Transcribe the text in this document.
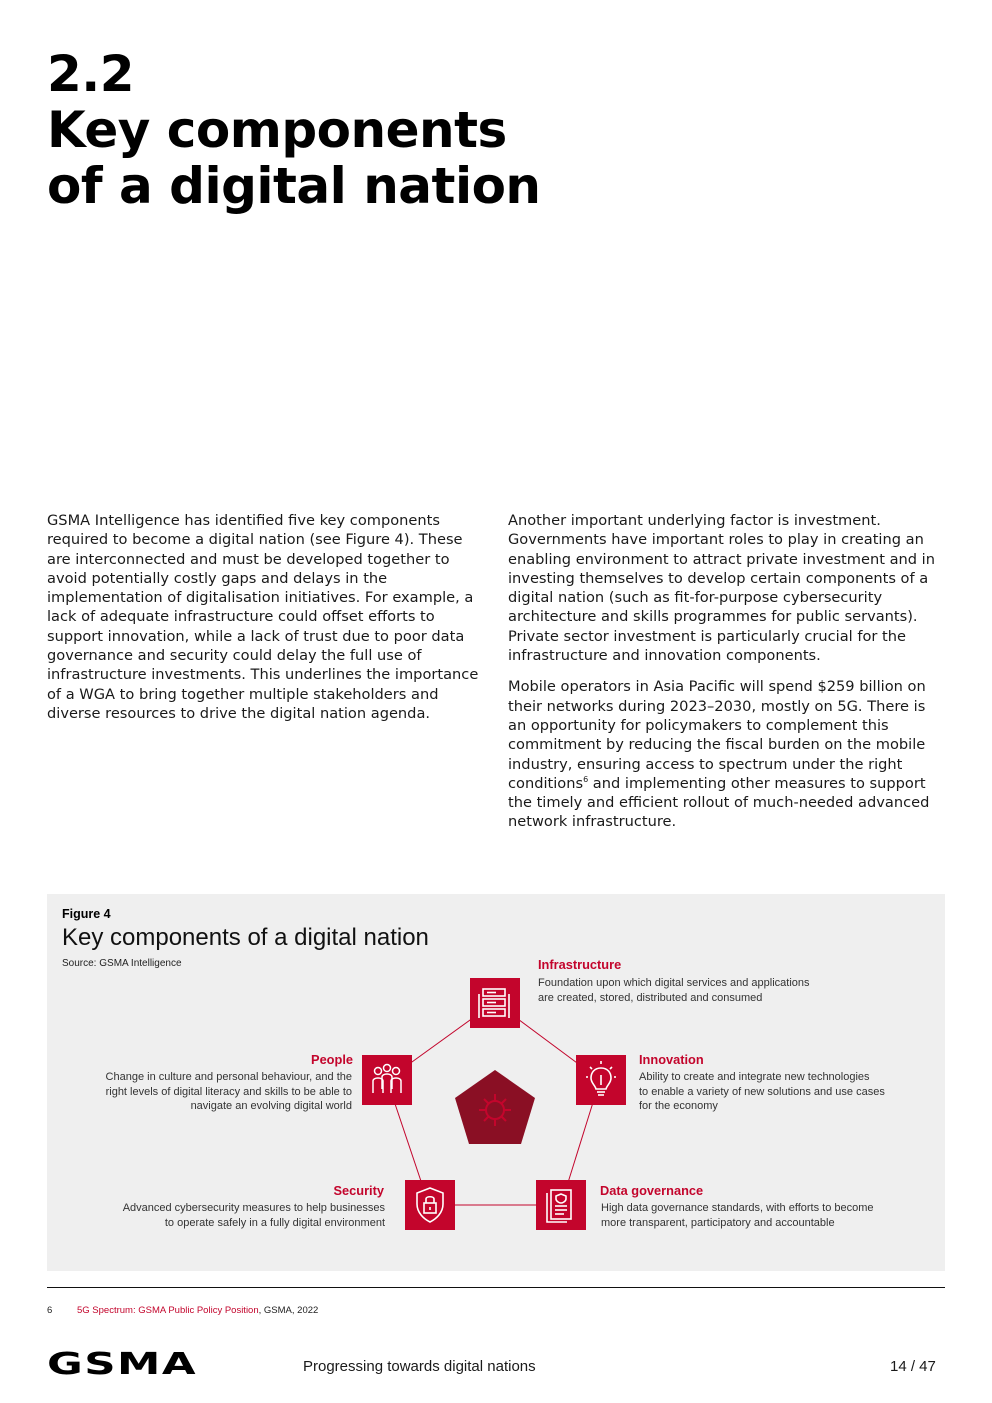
2.2
Key components
of a digital nation

GSMA Intelligence has identified five key components required to become a digital nation (see Figure 4). These are interconnected and must be developed together to avoid potentially costly gaps and delays in the implementation of digitalisation initiatives. For example, a lack of adequate infrastructure could offset efforts to support innovation, while a lack of trust due to poor data governance and security could delay the full use of infrastructure investments. This underlines the importance of a WGA to bring together multiple stakeholders and diverse resources to drive the digital nation agenda.

Another important underlying factor is investment. Governments have important roles to play in creating an enabling environment to attract private investment and in investing themselves to develop certain components of a digital nation (such as fit-for-purpose cybersecurity architecture and skills programmes for public servants). Private sector investment is particularly crucial for the infrastructure and innovation components.

Mobile operators in Asia Pacific will spend $259 billion on their networks during 2023–2030, mostly on 5G. There is an opportunity for policymakers to complement this commitment by reducing the fiscal burden on the mobile industry, ensuring access to spectrum under the right conditions$^6$ and implementing other measures to support the timely and efficient rollout of much-needed advanced network infrastructure.

Figure 4
Key components of a digital nation
Source: GSMA Intelligence	Infrastructure
Foundation upon which digital services and applications
are created, stored, distributed and consumed
Innovation
Ability to create and integrate new technologies
to enable a variety of new solutions and use cases
for the economy
Data governance
High data governance standards, with efforts to become
more transparent, participatory and accountable
Security
Advanced cybersecurity measures to help businesses
to operate safely in a fully digital environment
People
Change in culture and personal behaviour, and the
right levels of digital literacy and skills to be able to
navigate an evolving digital world
6	5G Spectrum: GSMA Public Policy Position, GSMA, 2022
GSMA	Progressing towards digital nations	14 / 47
